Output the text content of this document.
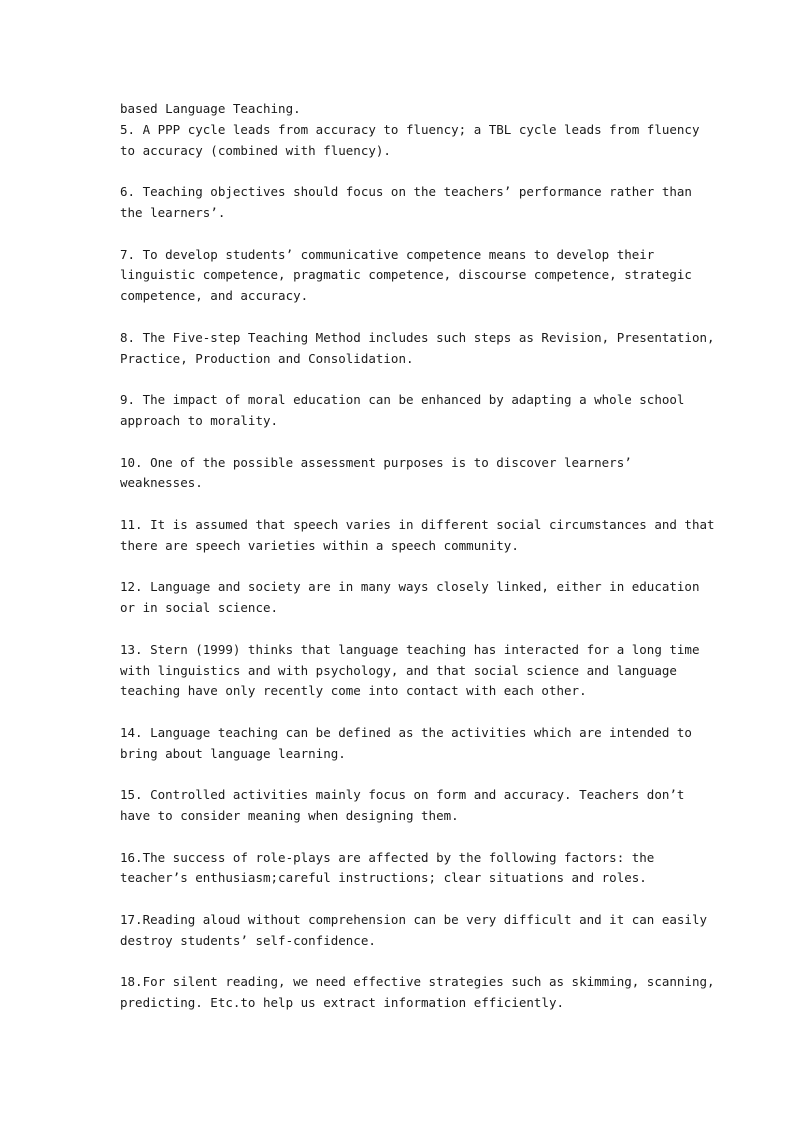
based Language Teaching.

5. A PPP cycle leads from accuracy to fluency; a TBL cycle leads from fluency
to accuracy (combined with fluency).

6. Teaching objectives should focus on the teachers’ performance rather than
the learners’.

7. To develop students’ communicative competence means to develop their
linguistic competence, pragmatic competence, discourse competence, strategic
competence, and accuracy.

8. The Five-step Teaching Method includes such steps as Revision, Presentation,
Practice, Production and Consolidation.

9. The impact of moral education can be enhanced by adapting a whole school
approach to morality.

10. One of the possible assessment purposes is to discover learners’
weaknesses.

11. It is assumed that speech varies in different social circumstances and that
there are speech varieties within a speech community.

12. Language and society are in many ways closely linked, either in education
or in social science.

13. Stern (1999) thinks that language teaching has interacted for a long time
with linguistics and with psychology, and that social science and language
teaching have only recently come into contact with each other.

14. Language teaching can be defined as the activities which are intended to
bring about language learning.

15. Controlled activities mainly focus on form and accuracy. Teachers don’t
have to consider meaning when designing them.

16.The success of role-plays are affected by the following factors: the
teacher’s enthusiasm;careful instructions; clear situations and roles.

17.Reading aloud without comprehension can be very difficult and it can easily
destroy students’ self-confidence.

18.For silent reading, we need effective strategies such as skimming, scanning,
predicting. Etc.to help us extract information efficiently.
